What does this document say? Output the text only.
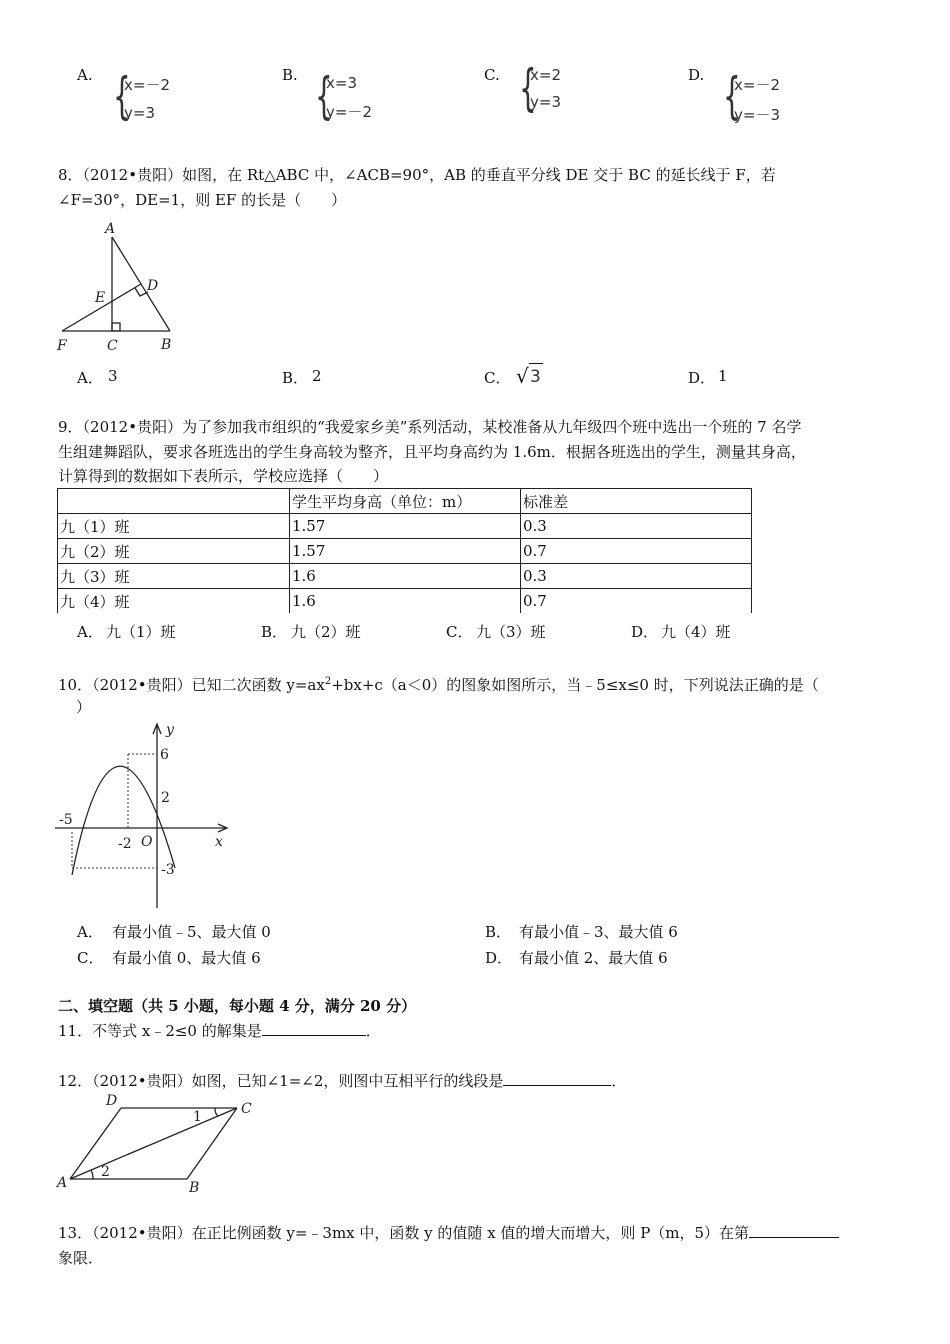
A. {
x=－2
y=3
B. {
x=3
y=－2
C. {
x=2
y=3
D. {
x=－2
y=－3
8．（2012•贵阳）如图，在 Rt△ABC 中，∠ACB=90°，AB 的垂直平分线 DE 交于 BC 的延长线于 F，若
∠F=30°，DE=1，则 EF 的长是（　　）
A
D
E
F	C	B
A． 3	B． 2	C． √ 3	D． 1
9．（2012•贵阳）为了参加我市组织的“我爱家乡美”系列活动，某校准备从九年级四个班中选出一个班的 7 名学
生组建舞蹈队，要求各班选出的学生身高较为整齐，且平均身高约为 1.6m．根据各班选出的学生，测量其身高，
计算得到的数据如下表所示，学校应选择（　　）
	学生平均身高（单位：m）	标准差
九（1）班	1.57	0.3
九（2）班	1.57	0.7
九（3）班	1.6	0.3
九（4）班	1.6	0.7
A． 九（1）班	B． 九（2）班	C． 九（3）班	D． 九（4）班
10．（2012•贵阳）已知二次函数 $y=ax^2+bx+c(a<0)$的图象如图所示，当﹣5≤x≤0 时，下列说法正确的是（
）
y
x
O
6
2
-5
-2
-3
A． 有最小值﹣5、最大值 0	B． 有最小值﹣3、最大值 6
C． 有最小值 0、最大值 6	D． 有最小值 2、最大值 6
二、填空题（共 5 小题，每小题 4 分，满分 20 分）
11．不等式 x﹣2≤0 的解集是	．
12．（2012•贵阳）如图，已知∠1=∠2，则图中互相平行的线段是	．
D	C
A	B
1
2
13．（2012•贵阳）在正比例函数 y=﹣3mx 中，函数 y 的值随 x 值的增大而增大，则 P（m，5）在第
象限．
